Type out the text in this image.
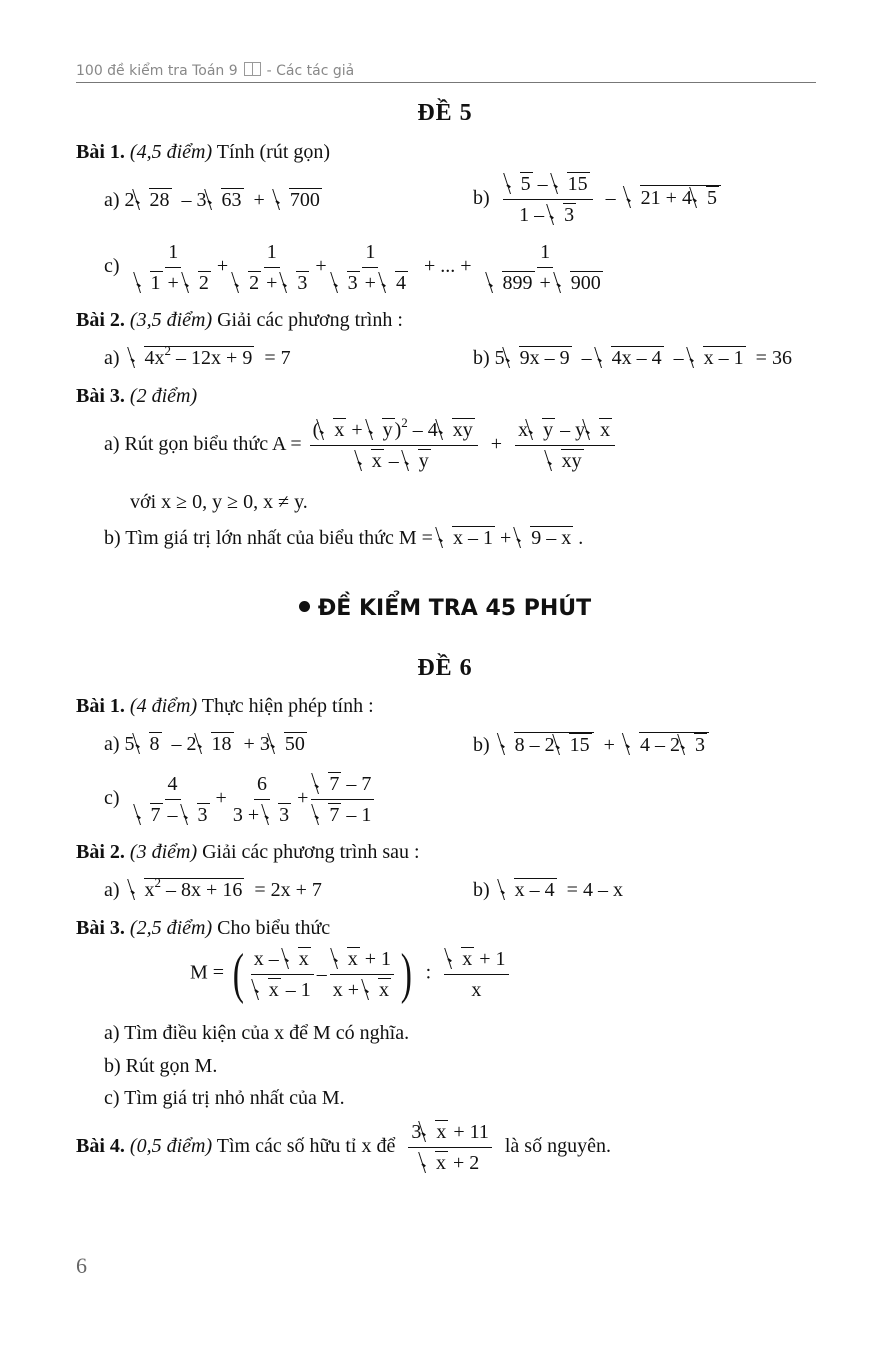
100 đề kiểm tra Toán 9 - Các tác giả
ĐỀ 5
Bài 1. (4,5 điểm) Tính (rút gọn)
a) 2 28  – 3 63  +  700	$b) \frac{5 - 15}{1 - 3} - 21 + 4$ 5
$c) \frac{1}{1 + 2} + \frac{1}{2 + 3} + \frac{1}{3 + 4}$ + ... + $\frac{1}{899 + 900}$
Bài 2. (3,5 điểm) Giải các phương trình :
a) $4x^2 - 12x + 9 = 7$	b) 5 9x – 9  – 4x – 4  – x – 1  = 36
Bài 3. (2 điểm)
a) Rút gọn biểu thức $A = \frac{( x + y )^2 - 4 xy}{x - y} + \frac{\text{x y – y x}}{xy}$
với x ≥ 0, y ≥ 0, x ≠ y.
b) Tìm giá trị lớn nhất của biểu thức M = x – 1 + 9 – x .
ĐỀ KIỂM TRA 45 PHÚT
ĐỀ 6
Bài 1. (4 điểm) Thực hiện phép tính :
a) 5 8  – 2 18  + 3 50	b) 8 – 2 15  +  4 – 2 3
$c) \frac{4}{7 - 3} + \frac{6}{3 + 3} + \frac{7 - 7}{7 - 1}$
Bài 2. (3 điểm) Giải các phương trình sau :
a) $x^2 - 8x + 16 = 2x + 7$	b) x – 4  = 4 – x
Bài 3. (2,5 điểm) Cho biểu thức
M = ( x – x
x – 1
–
x + 1
x + x ) : $\frac{x + 1}{x}$
a) Tìm điều kiện của x để M có nghĩa.
b) Rút gọn M.
c) Tìm giá trị nhỏ nhất của M.
Bài 4. (0,5 điểm) Tìm các số hữu tỉ x để $\frac{3 x + 11}{x + 2}$ là số nguyên.
6
